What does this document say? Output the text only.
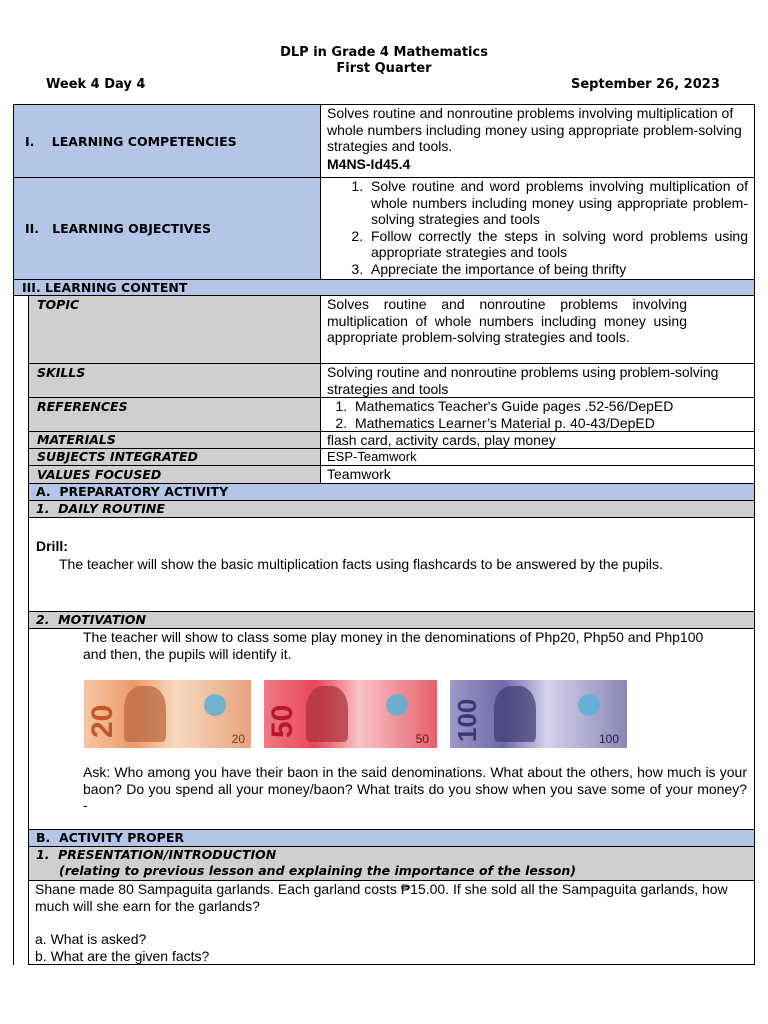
DLP in Grade 4 Mathematics
First Quarter
Week 4 Day 4	September 26, 2023
I.    LEARNING COMPETENCIES
Solves routine and nonroutine problems involving multiplication of whole numbers including money using appropriate problem-solving strategies and tools.
M4NS-Id45.4
II.   LEARNING OBJECTIVES
1. Solve routine and word problems involving multiplication of whole numbers including money using appropriate problem-solving strategies and tools
2. Follow correctly the steps in solving word problems using appropriate strategies and tools
3. Appreciate the importance of being thrifty
III. LEARNING CONTENT
TOPIC	Solves routine and nonroutine problems involving multiplication of whole numbers including money using appropriate problem-solving strategies and tools.
SKILLS	Solving routine and nonroutine problems using problem-solving strategies and tools
REFERENCES
1.	Mathematics Teacher's Guide pages .52-56/DepED
2. Mathematics Learner’s Material p. 40-43/DepED
MATERIALS	flash card, activity cards, play money
SUBJECTS INTEGRATED	ESP-Teamwork
VALUES FOCUSED	Teamwork
A.  PREPARATORY ACTIVITY
1.  DAILY ROUTINE
Drill:
The teacher will show the basic multiplication facts using flashcards to be answered by the pupils.
2.  MOTIVATION
The teacher will show to class some play money in the denominations of Php20, Php50 and Php100 and then, the pupils will identify it.
20
20
50
50 100	100
Ask: Who among you have their baon in the said denominations. What about the others, how much is your baon? Do you spend all your money/baon? What traits do you show when you save some of your money? -
B.  ACTIVITY PROPER
1.  PRESENTATION/INTRODUCTION
(relating to previous lesson and explaining the importance of the lesson)
Shane made 80 Sampaguita garlands. Each garland costs ₱15.00. If she sold all the Sampaguita garlands, how much will she earn for the garlands?
a. What is asked?
b. What are the given facts?
